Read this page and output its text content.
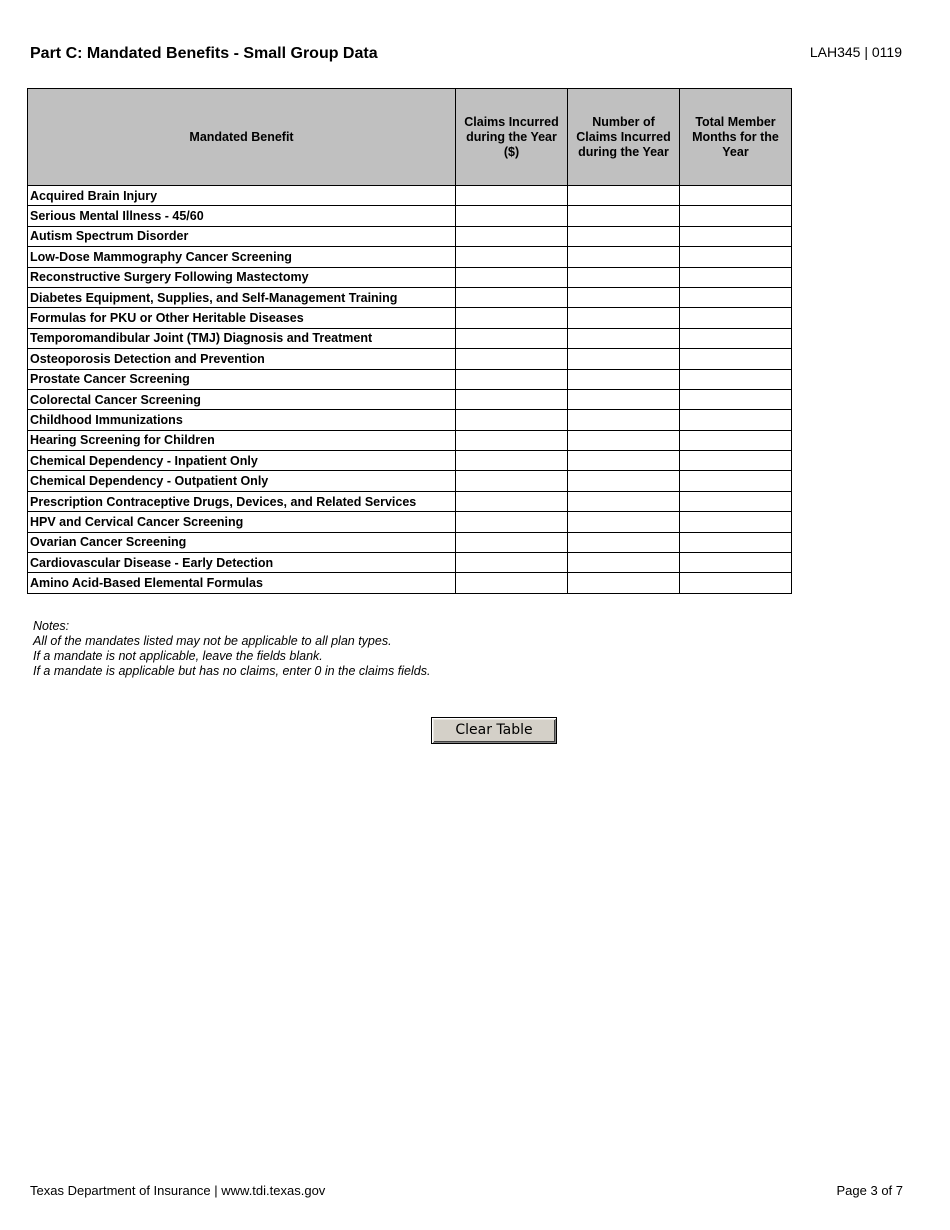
Part C: Mandated Benefits - Small Group Data	LAH345 | 0119
Mandated Benefit	Claims Incurred during the Year ($)	Number of Claims Incurred during the Year	Total Member Months for the Year
Acquired Brain Injury	

Serious Mental Illness - 45/60	

Autism Spectrum Disorder	

Low-Dose Mammography Cancer Screening	

Reconstructive Surgery Following Mastectomy	

Diabetes Equipment, Supplies, and Self-Management Training	

Formulas for PKU or Other Heritable Diseases	

Temporomandibular Joint (TMJ) Diagnosis and Treatment	

Osteoporosis Detection and Prevention	

Prostate Cancer Screening	

Colorectal Cancer Screening	

Childhood Immunizations	

Hearing Screening for Children	

Chemical Dependency - Inpatient Only	

Chemical Dependency - Outpatient Only	

Prescription Contraceptive Drugs, Devices, and Related Services	

HPV and Cervical Cancer Screening	

Ovarian Cancer Screening	

Cardiovascular Disease - Early Detection	

Amino Acid-Based Elemental Formulas	

Notes:
All of the mandates listed may not be applicable to all plan types.
If a mandate is not applicable, leave the fields blank.
If a mandate is applicable but has no claims, enter 0 in the claims fields.
Clear Table
Texas Department of Insurance | www.tdi.texas.gov	Page 3 of 7
